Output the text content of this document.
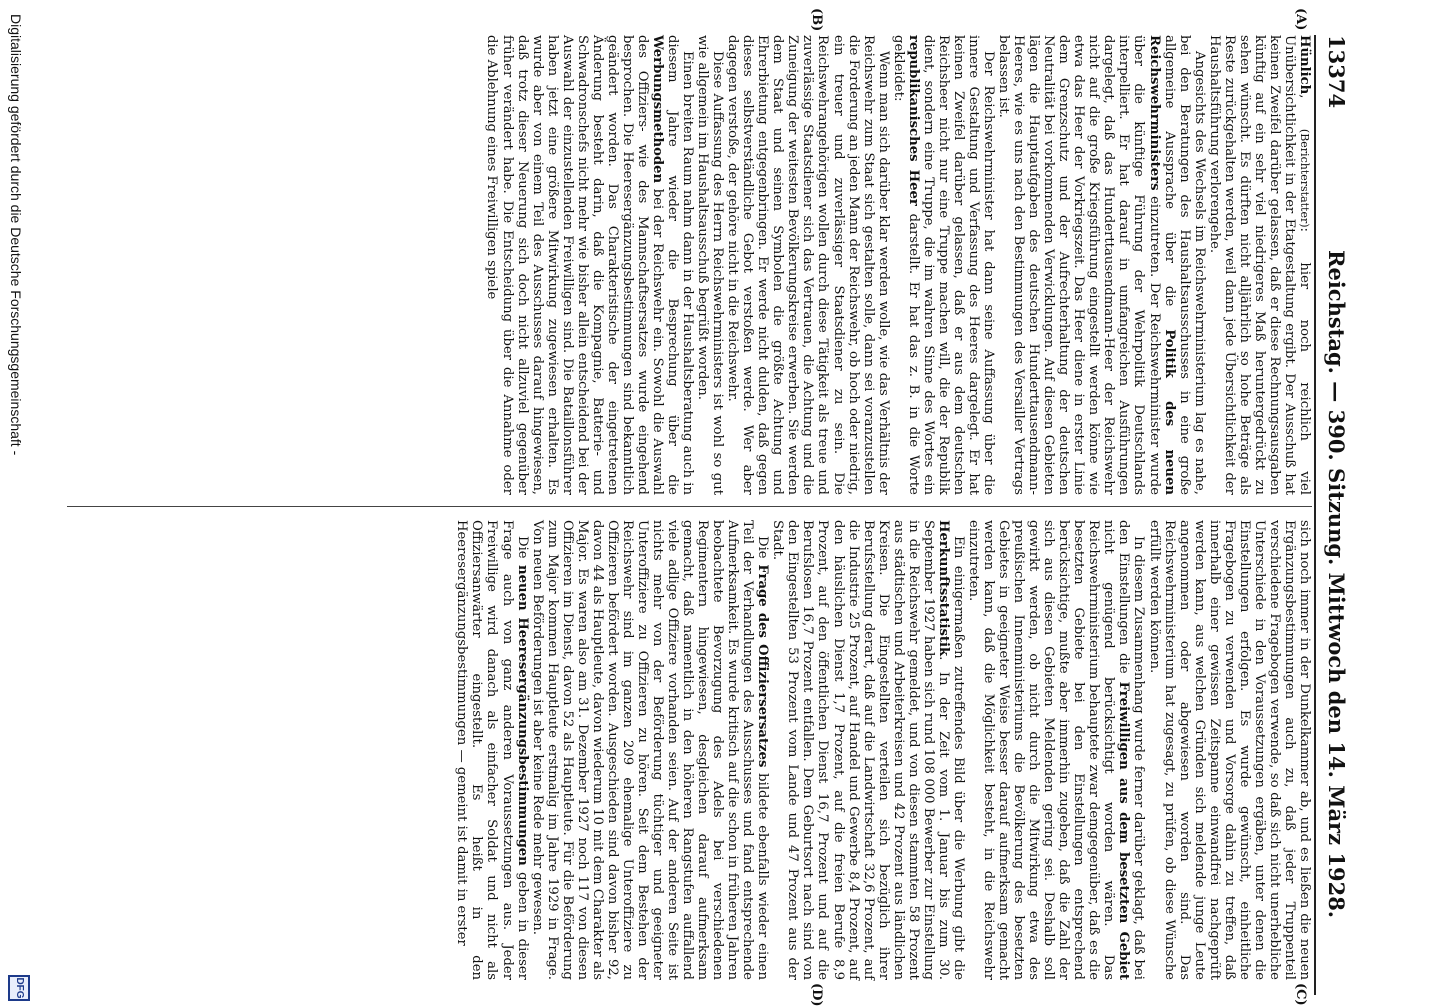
13374
Reichstag. — 390. Sitzung. Mittwoch den 14. März 1928.
(A)
(B)
(C)
(D)

Hünlich, (Berichterstatter): hier noch reichlich viel Unübersichtlichkeit in der Etatgestaltung ergibt. Der Ausschuß hat keinen Zweifel darüber gelassen, daß er diese Rechnungsausgaben künftig auf ein sehr viel niedrigeres Maß heruntergedrückt zu sehen wünscht. Es dürften nicht alljährlich so hohe Beträge als Reste zurückgehalten werden, weil dann jede Übersichtlichkeit der Haushaltsführung verlorengehe.

Angesichts des Wechsels im Reichswehrministerium lag es nahe, bei den Beratungen des Haushaltsausschusses in eine große allgemeine Aussprache über die Politik des neuen Reichswehrministers einzutreten. Der Reichswehrminister wurde über die künftige Führung der Wehrpolitik Deutschlands interpelliert. Er hat darauf in umfangreichen Ausführungen dargelegt, daß das Hunderttausendmann-Heer der Reichswehr nicht auf die große Kriegsführung eingestellt werden könne wie etwa das Heer der Vorkriegszeit. Das Heer diene in erster Linie dem Grenzschutz und der Aufrechterhaltung der deutschen Neutralität bei vorkommenden Verwicklungen. Auf diesen Gebieten lägen die Hauptaufgaben des deutschen Hunderttausendmann-Heeres, wie es uns nach den Bestimmungen des Versailler Vertrags belassen ist.

Der Reichswehrminister hat dann seine Auffassung über die innere Gestaltung und Verfassung des Heeres dargelegt. Er hat keinen Zweifel darüber gelassen, daß er aus dem deutschen Reichsheer nicht nur eine Truppe machen will, die der Republik dient, sondern eine Truppe, die im wahren Sinne des Wortes ein republikanisches Heer darstellt. Er hat das z. B. in die Worte gekleidet:

Wenn man sich darüber klar werden wolle, wie das Verhältnis der Reichswehr zum Staat sich gestalten solle, dann sei voranzustellen die Forderung an jeden Mann der Reichswehr, ob hoch oder niedrig, ein treuer und zuverlässiger Staatsdiener zu sein. Die Reichswehrangehörigen wollen durch diese Tätigkeit als treue und zuverlässige Staatsdiener sich das Vertrauen, die Achtung und die Zuneigung der weitesten Bevölkerungskreise erwerben. Sie werden dem Staat und seinen Symbolen die größte Achtung und Ehrerbietung entgegenbringen. Er werde nicht dulden, daß gegen dieses selbstverständliche Gebot verstoßen werde. Wer aber dagegen verstoße, der gehöre nicht in die Reichswehr.

Diese Auffassung des Herrn Reichswehrministers ist wohl so gut wie allgemein im Haushaltsausschuß begrüßt worden.

Einen breiten Raum nahm dann in der Haushaltsberatung auch in diesem Jahre wieder die Besprechung über die Werbungsmethoden bei der Reichswehr ein. Sowohl die Auswahl des Offiziers- wie des Mannschaftsersatzes wurde eingehend besprochen. Die Heeresergänzungsbestimmungen sind bekanntlich geändert worden. Das Charakteristische der eingetretenen Änderung besteht darin, daß die Kompagnie, Batterie- und Schwadronschefs nicht mehr wie bisher allein entscheidend bei der Auswahl der einzustellenden Freiwilligen sind. Die Bataillonsführer haben jetzt eine größere Mitwirkung zugewiesen erhalten. Es wurde aber von einem Teil des Ausschusses darauf hingewiesen, daß trotz dieser Neuerung sich doch nicht allzuviel gegenüber früher verändert habe. Die Entscheidung über die Annahme oder die Ablehnung eines Freiwilligen spiele

sich noch immer in der Dunkelkammer ab, und es ließen die neuen Ergänzungsbestimmungen auch zu, daß jeder Truppenteil verschiedene Fragebogen verwende, so daß sich nicht unerhebliche Unterschiede in den Voraussetzungen ergäben, unter denen die Einstellungen erfolgen. Es wurde gewünscht, einheitliche Fragebogen zu verwenden und Vorsorge dahin zu treffen, daß innerhalb einer gewissen Zeitspanne einwandfrei nachgeprüft werden kann, aus welchen Gründen sich meldende junge Leute angenommen oder abgewiesen worden sind. Das Reichswehrministerium hat zugesagt, zu prüfen, ob diese Wünsche erfüllt werden können.

In diesem Zusammenhang wurde ferner darüber geklagt, daß bei den Einstellungen die Freiwilligen aus dem besetzten Gebiet nicht genügend berücksichtigt worden wären. Das Reichswehrministerium behauptete zwar demgegenüber, daß es die besetzten Gebiete bei den Einstellungen entsprechend berücksichtige, mußte aber immerhin zugeben, daß die Zahl der sich aus diesen Gebieten Meldenden gering sei. Deshalb soll gewirkt werden, ob nicht durch die Mitwirkung etwa des preußischen Innenministeriums die Bevölkerung des besetzten Gebietes in geeigneter Weise besser darauf aufmerksam gemacht werden kann, daß die Möglichkeit besteht, in die Reichswehr einzutreten.

Ein einigermaßen zutreffendes Bild über die Werbung gibt die Herkunftsstatistik. In der Zeit vom 1. Januar bis zum 30. September 1927 haben sich rund 108 000 Bewerber zur Einstellung in die Reichswehr gemeldet, und von diesen stammten 58 Prozent aus städtischen und Arbeiterkreisen und 42 Prozent aus ländlichen Kreisen. Die Eingestellten verteilen sich bezüglich ihrer Berufsstellung derart, daß auf die Landwirtschaft 32,6 Prozent, auf die Industrie 25 Prozent, auf Handel und Gewerbe 8,4 Prozent, auf den häuslichen Dienst 1,7 Prozent, auf die freien Berufe 8,9 Prozent, auf den öffentlichen Dienst 16,7 Prozent und auf die Berufslosen 16,7 Prozent entfallen. Dem Geburtsort nach sind von den Eingestellten 53 Prozent vom Lande und 47 Prozent aus der Stadt.

Die Frage des Offiziersersatzes bildete ebenfalls wieder einen Teil der Verhandlungen des Ausschusses und fand entsprechende Aufmerksamkeit. Es wurde kritisch auf die schon in früheren Jahren beobachtete Bevorzugung des Adels bei verschiedenen Regimentern hingewiesen, desgleichen darauf aufmerksam gemacht, daß namentlich in den höheren Rangstufen auffallend viele adlige Offiziere vorhanden seien. Auf der anderen Seite ist nichts mehr von der Beförderung tüchtiger und geeigneter Unteroffiziere zu Offizieren zu hören. Seit dem Bestehen der Reichswehr sind im ganzen 209 ehemalige Unteroffiziere zu Offizieren befördert worden. Ausgeschieden sind davon bisher 92, davon 44 als Hauptleute, davon wiederum 10 mit dem Charakter als Major. Es waren also am 31. Dezember 1927 noch 117 von diesen Offizieren im Dienst, davon 52 als Hauptleute. Für die Beförderung zum Major kommen Hauptleute erstmalig im Jahre 1929 in Frage. Von neuen Beförderungen ist aber keine Rede mehr gewesen.

Die neuen Heeresergänzungsbestimmungen geben in dieser Frage auch von ganz anderen Voraussetzungen aus. Jeder Freiwillige wird danach als einfacher Soldat und nicht als Offiziersanwärter eingestellt. Es heißt in den Heeresergänzungsbestimmungen — gemeint ist damit in erster

Digitalisierung gefördert durch die Deutsche Forschungsgemeinschaft -
DFG
